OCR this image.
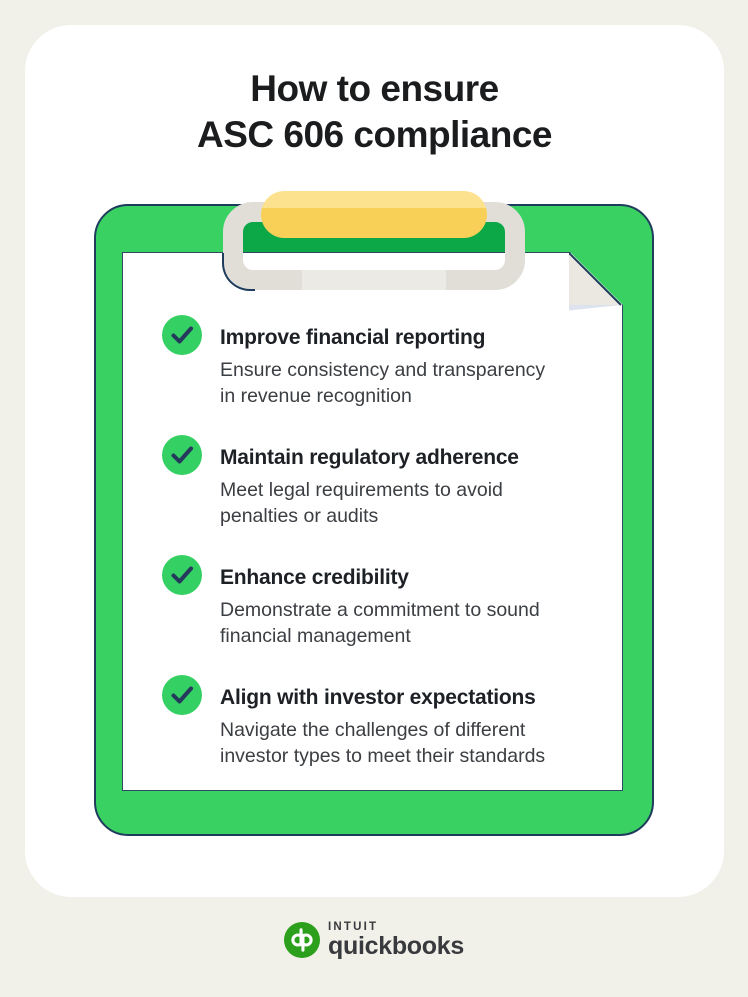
How to ensure
ASC 606 compliance
Improve financial reporting
Ensure consistency and transparency
in revenue recognition
Maintain regulatory adherence
Meet legal requirements to avoid
penalties or audits
Enhance credibility
Demonstrate a commitment to sound
financial management
Align with investor expectations
Navigate the challenges of different
investor types to meet their standards
INTUIT
quickbooks
